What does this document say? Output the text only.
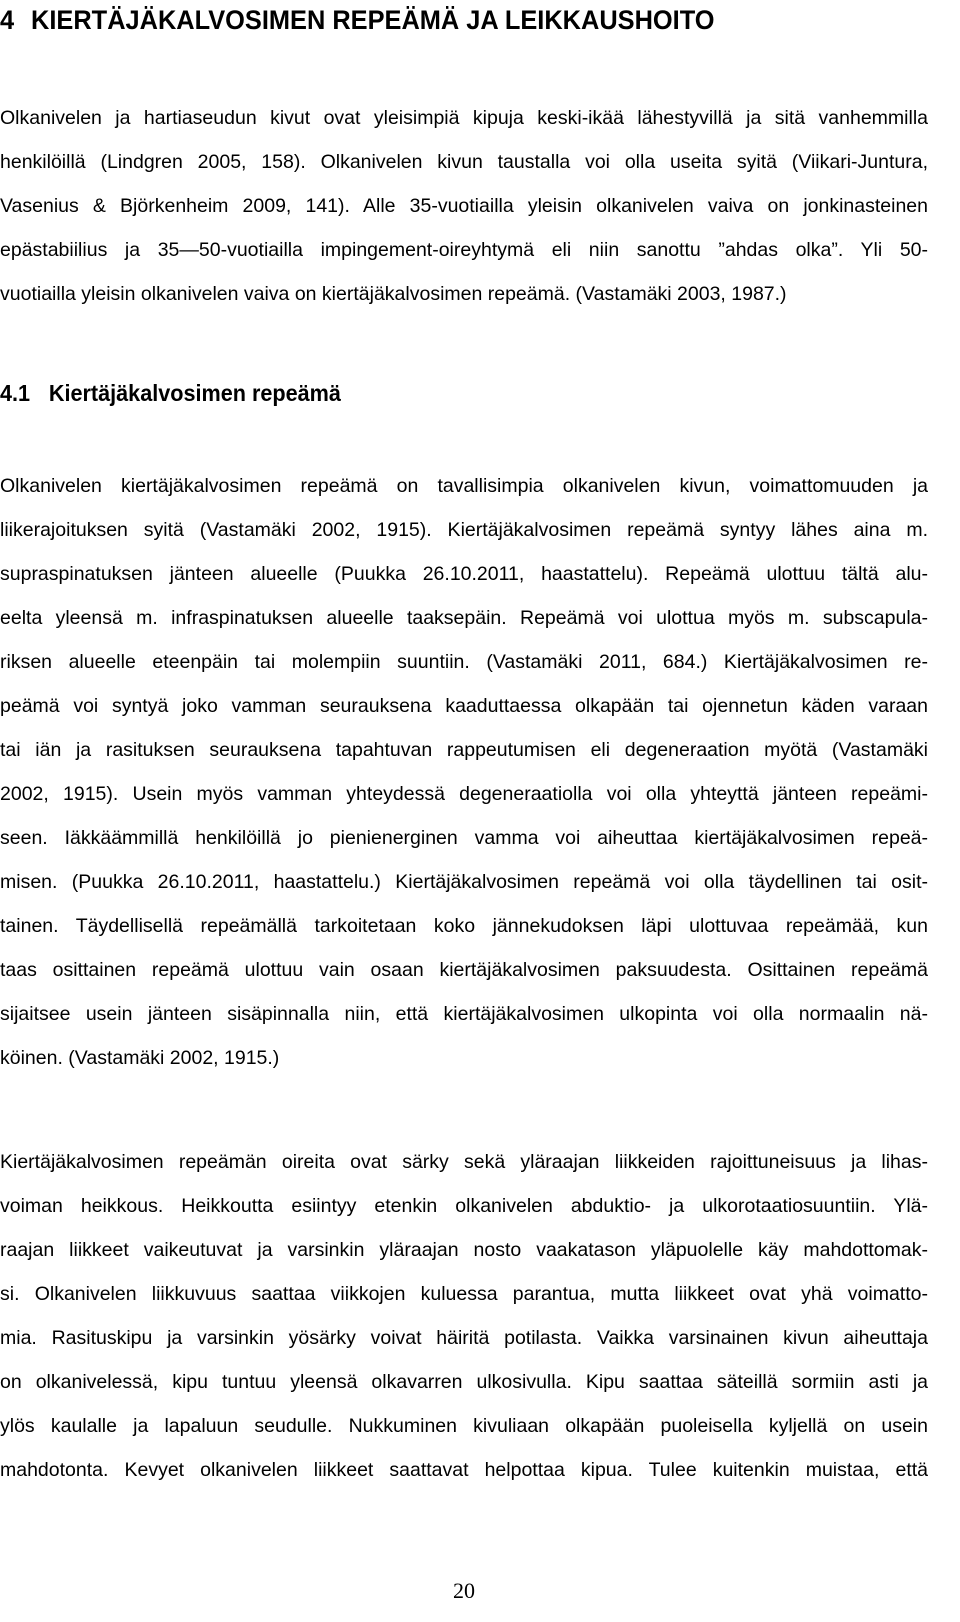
4 KIERTÄJÄKALVOSIMEN REPEÄMÄ JA LEIKKAUSHOITO
Olkanivelen ja hartiaseudun kivut ovat yleisimpiä kipuja keski-ikää lähestyvillä ja sitä vanhemmilla
henkilöillä (Lindgren 2005, 158). Olkanivelen kivun taustalla voi olla useita syitä (Viikari-Juntura,
Vasenius & Björkenheim 2009, 141). Alle 35-vuotiailla yleisin olkanivelen vaiva on jonkinasteinen
epästabiilius ja 35—50-vuotiailla impingement-oireyhtymä eli niin sanottu ”ahdas olka”. Yli 50-
vuotiailla yleisin olkanivelen vaiva on kiertäjäkalvosimen repeämä. (Vastamäki 2003, 1987.)
4.1 Kiertäjäkalvosimen repeämä
Olkanivelen kiertäjäkalvosimen repeämä on tavallisimpia olkanivelen kivun, voimattomuuden ja
liikerajoituksen syitä (Vastamäki 2002, 1915). Kiertäjäkalvosimen repeämä syntyy lähes aina m.
supraspinatuksen jänteen alueelle (Puukka 26.10.2011, haastattelu). Repeämä ulottuu tältä alu-
eelta yleensä m. infraspinatuksen alueelle taaksepäin. Repeämä voi ulottua myös m. subscapula-
riksen alueelle eteenpäin tai molempiin suuntiin. (Vastamäki 2011, 684.) Kiertäjäkalvosimen re-
peämä voi syntyä joko vamman seurauksena kaaduttaessa olkapään tai ojennetun käden varaan
tai iän ja rasituksen seurauksena tapahtuvan rappeutumisen eli degeneraation myötä (Vastamäki
2002, 1915). Usein myös vamman yhteydessä degeneraatiolla voi olla yhteyttä jänteen repeämi-
seen. Iäkkäämmillä henkilöillä jo pienienerginen vamma voi aiheuttaa kiertäjäkalvosimen repeä-
misen. (Puukka 26.10.2011, haastattelu.) Kiertäjäkalvosimen repeämä voi olla täydellinen tai osit-
tainen. Täydellisellä repeämällä tarkoitetaan koko jännekudoksen läpi ulottuvaa repeämää, kun
taas osittainen repeämä ulottuu vain osaan kiertäjäkalvosimen paksuudesta. Osittainen repeämä
sijaitsee usein jänteen sisäpinnalla niin, että kiertäjäkalvosimen ulkopinta voi olla normaalin nä-
köinen. (Vastamäki 2002, 1915.)
Kiertäjäkalvosimen repeämän oireita ovat särky sekä yläraajan liikkeiden rajoittuneisuus ja lihas-
voiman heikkous. Heikkoutta esiintyy etenkin olkanivelen abduktio- ja ulkorotaatiosuuntiin. Ylä-
raajan liikkeet vaikeutuvat ja varsinkin yläraajan nosto vaakatason yläpuolelle käy mahdottomak-
si. Olkanivelen liikkuvuus saattaa viikkojen kuluessa parantua, mutta liikkeet ovat yhä voimatto-
mia. Rasituskipu ja varsinkin yösärky voivat häiritä potilasta. Vaikka varsinainen kivun aiheuttaja
on olkanivelessä, kipu tuntuu yleensä olkavarren ulkosivulla. Kipu saattaa säteillä sormiin asti ja
ylös kaulalle ja lapaluun seudulle. Nukkuminen kivuliaan olkapään puoleisella kyljellä on usein
mahdotonta. Kevyet olkanivelen liikkeet saattavat helpottaa kipua. Tulee kuitenkin muistaa, että
20
